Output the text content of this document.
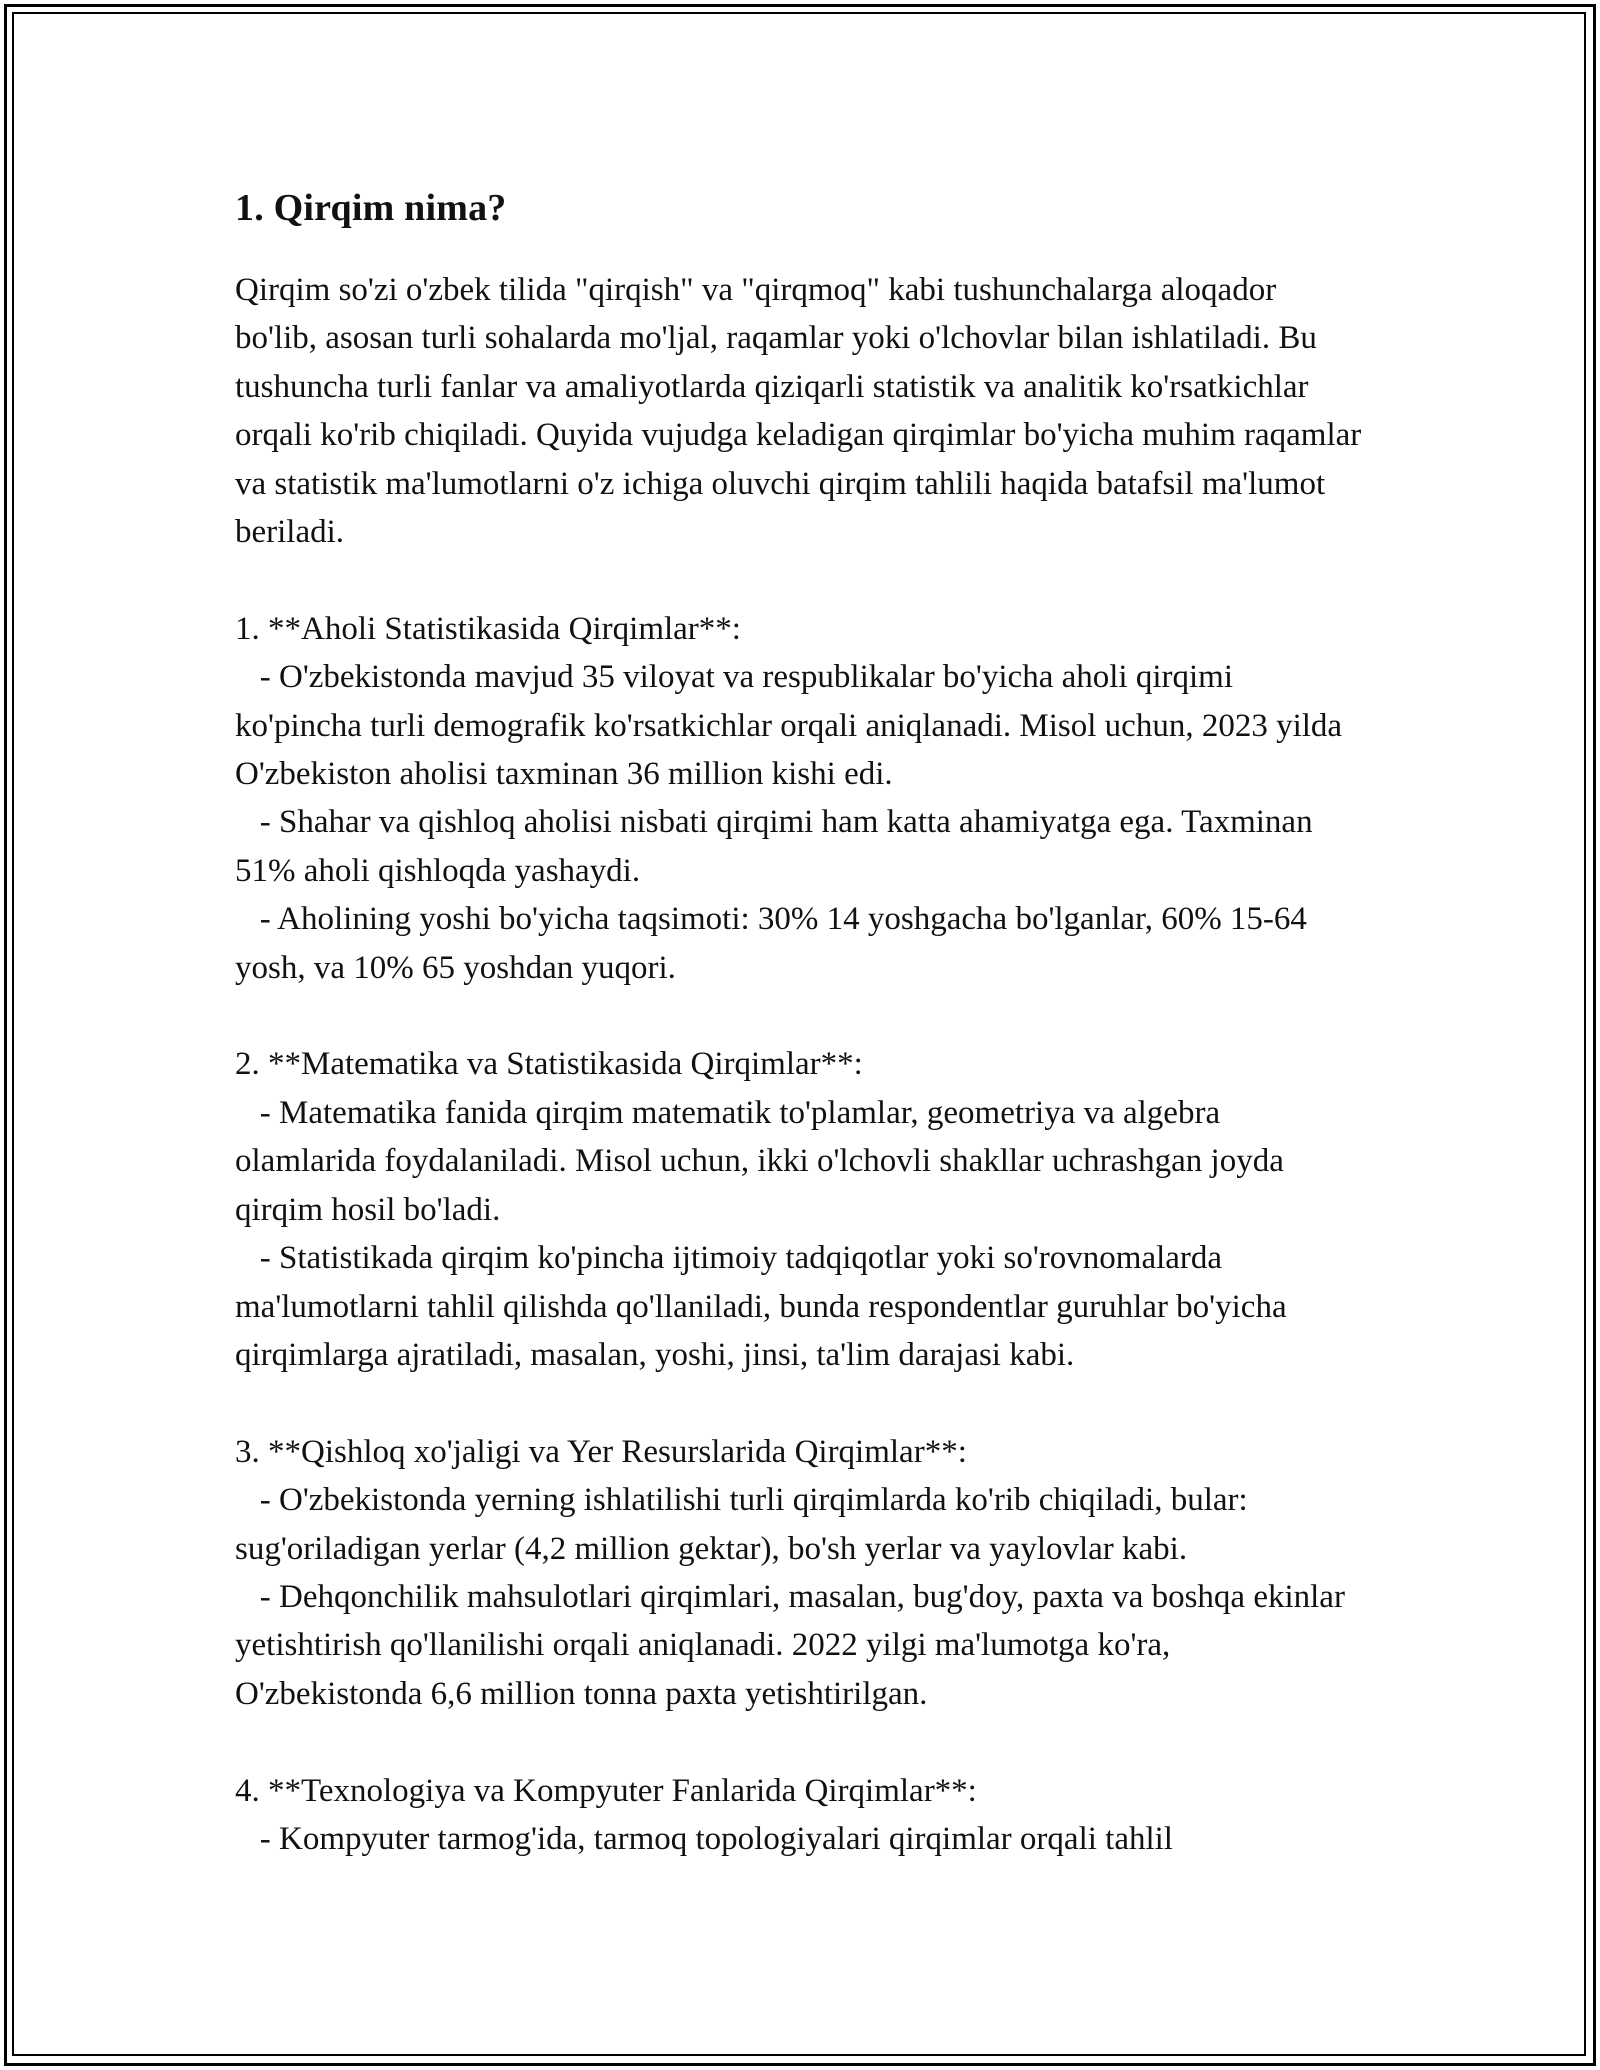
1. Qirqim nima?

Qirqim so'zi o'zbek tilida "qirqish" va "qirqmoq" kabi tushunchalarga aloqador bo'lib, asosan turli sohalarda mo'ljal, raqamlar yoki o'lchovlar bilan ishlatiladi. Bu tushuncha turli fanlar va amaliyotlarda qiziqarli statistik va analitik ko'rsatkichlar orqali ko'rib chiqiladi. Quyida vujudga keladigan qirqimlar bo'yicha muhim raqamlar va statistik ma'lumotlarni o'z ichiga oluvchi qirqim tahlili haqida batafsil ma'lumot beriladi.

1. **Aholi Statistikasida Qirqimlar**:

- O'zbekistonda mavjud 35 viloyat va respublikalar bo'yicha aholi qirqimi ko'pincha turli demografik ko'rsatkichlar orqali aniqlanadi. Misol uchun, 2023 yilda O'zbekiston aholisi taxminan 36 million kishi edi.

- Shahar va qishloq aholisi nisbati qirqimi ham katta ahamiyatga ega. Taxminan 51% aholi qishloqda yashaydi.

- Aholining yoshi bo'yicha taqsimoti: 30% 14 yoshgacha bo'lganlar, 60% 15-64 yosh, va 10% 65 yoshdan yuqori.

2. **Matematika va Statistikasida Qirqimlar**:

- Matematika fanida qirqim matematik to'plamlar, geometriya va algebra olamlarida foydalaniladi. Misol uchun, ikki o'lchovli shakllar uchrashgan joyda qirqim hosil bo'ladi.

- Statistikada qirqim ko'pincha ijtimoiy tadqiqotlar yoki so'rovnomalarda ma'lumotlarni tahlil qilishda qo'llaniladi, bunda respondentlar guruhlar bo'yicha qirqimlarga ajratiladi, masalan, yoshi, jinsi, ta'lim darajasi kabi.

3. **Qishloq xo'jaligi va Yer Resurslarida Qirqimlar**:

- O'zbekistonda yerning ishlatilishi turli qirqimlarda ko'rib chiqiladi, bular: sug'oriladigan yerlar (4,2 million gektar), bo'sh yerlar va yaylovlar kabi.

- Dehqonchilik mahsulotlari qirqimlari, masalan, bug'doy, paxta va boshqa ekinlar yetishtirish qo'llanilishi orqali aniqlanadi. 2022 yilgi ma'lumotga ko'ra, O'zbekistonda 6,6 million tonna paxta yetishtirilgan.

4. **Texnologiya va Kompyuter Fanlarida Qirqimlar**:

- Kompyuter tarmog'ida, tarmoq topologiyalari qirqimlar orqali tahlil
